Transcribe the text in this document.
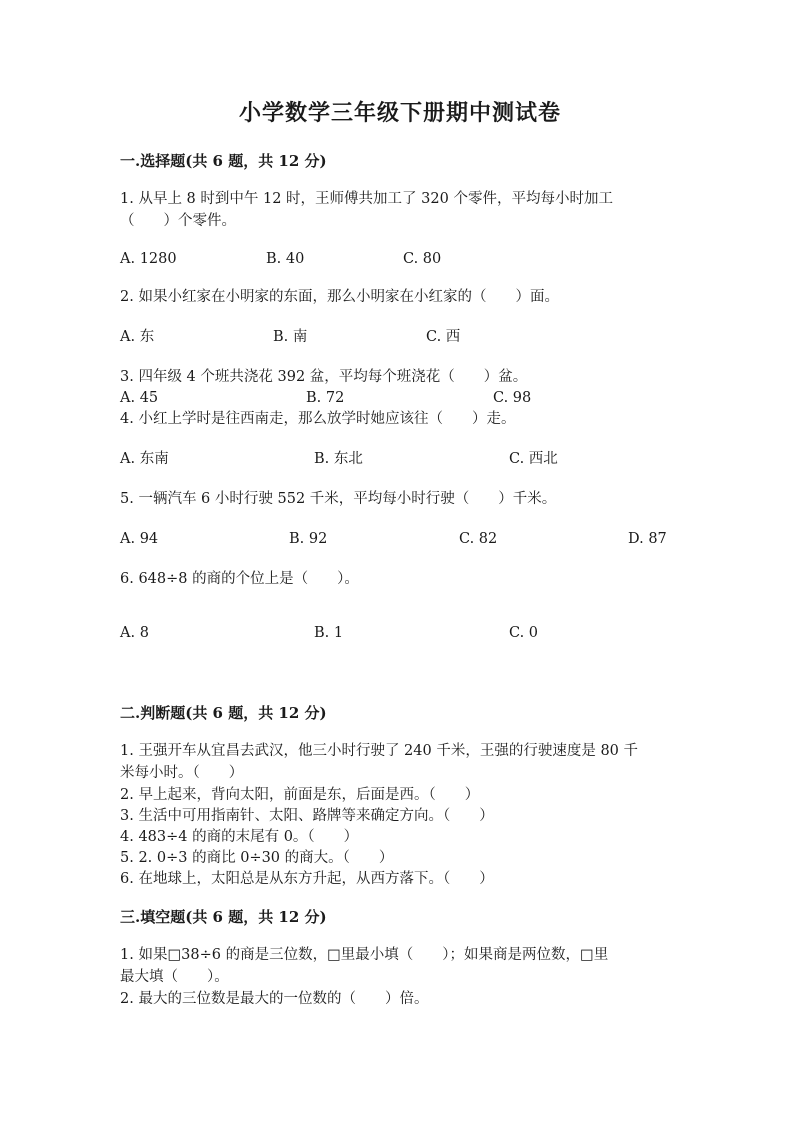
小学数学三年级下册期中测试卷
一.选择题(共 6 题，共 12 分)
1. 从早上 8 时到中午 12 时，王师傅共加工了 320 个零件，平均每小时加工
（　　）个零件。
A. 1280	B. 40	C. 80
2. 如果小红家在小明家的东面，那么小明家在小红家的（　　）面。
A. 东	B. 南	C. 西
3. 四年级 4 个班共浇花 392 盆，平均每个班浇花（　　）盆。
A. 45	B. 72	C. 98
4. 小红上学时是往西南走，那么放学时她应该往（　　）走。
A. 东南	B. 东北	C. 西北
5. 一辆汽车 6 小时行驶 552 千米，平均每小时行驶（　　）千米。
A. 94	B. 92	C. 82	D. 87
6. 648÷8 的商的个位上是（　　）。
A. 8	B. 1	C. 0
二.判断题(共 6 题，共 12 分)
1. 王强开车从宜昌去武汉，他三小时行驶了 240 千米，王强的行驶速度是 80 千
米每小时。（　　）
2. 早上起来，背向太阳，前面是东，后面是西。（　　）
3. 生活中可用指南针、太阳、路牌等来确定方向。（　　）
4. 483÷4 的商的末尾有 0。（　　）
5. 2. 0÷3 的商比 0÷30 的商大。（　　）
6. 在地球上，太阳总是从东方升起，从西方落下。（　　）
三.填空题(共 6 题，共 12 分)
1. 如果□38÷6 的商是三位数，□里最小填（　　）；如果商是两位数，□里
最大填（　　）。
2. 最大的三位数是最大的一位数的（　　）倍。
